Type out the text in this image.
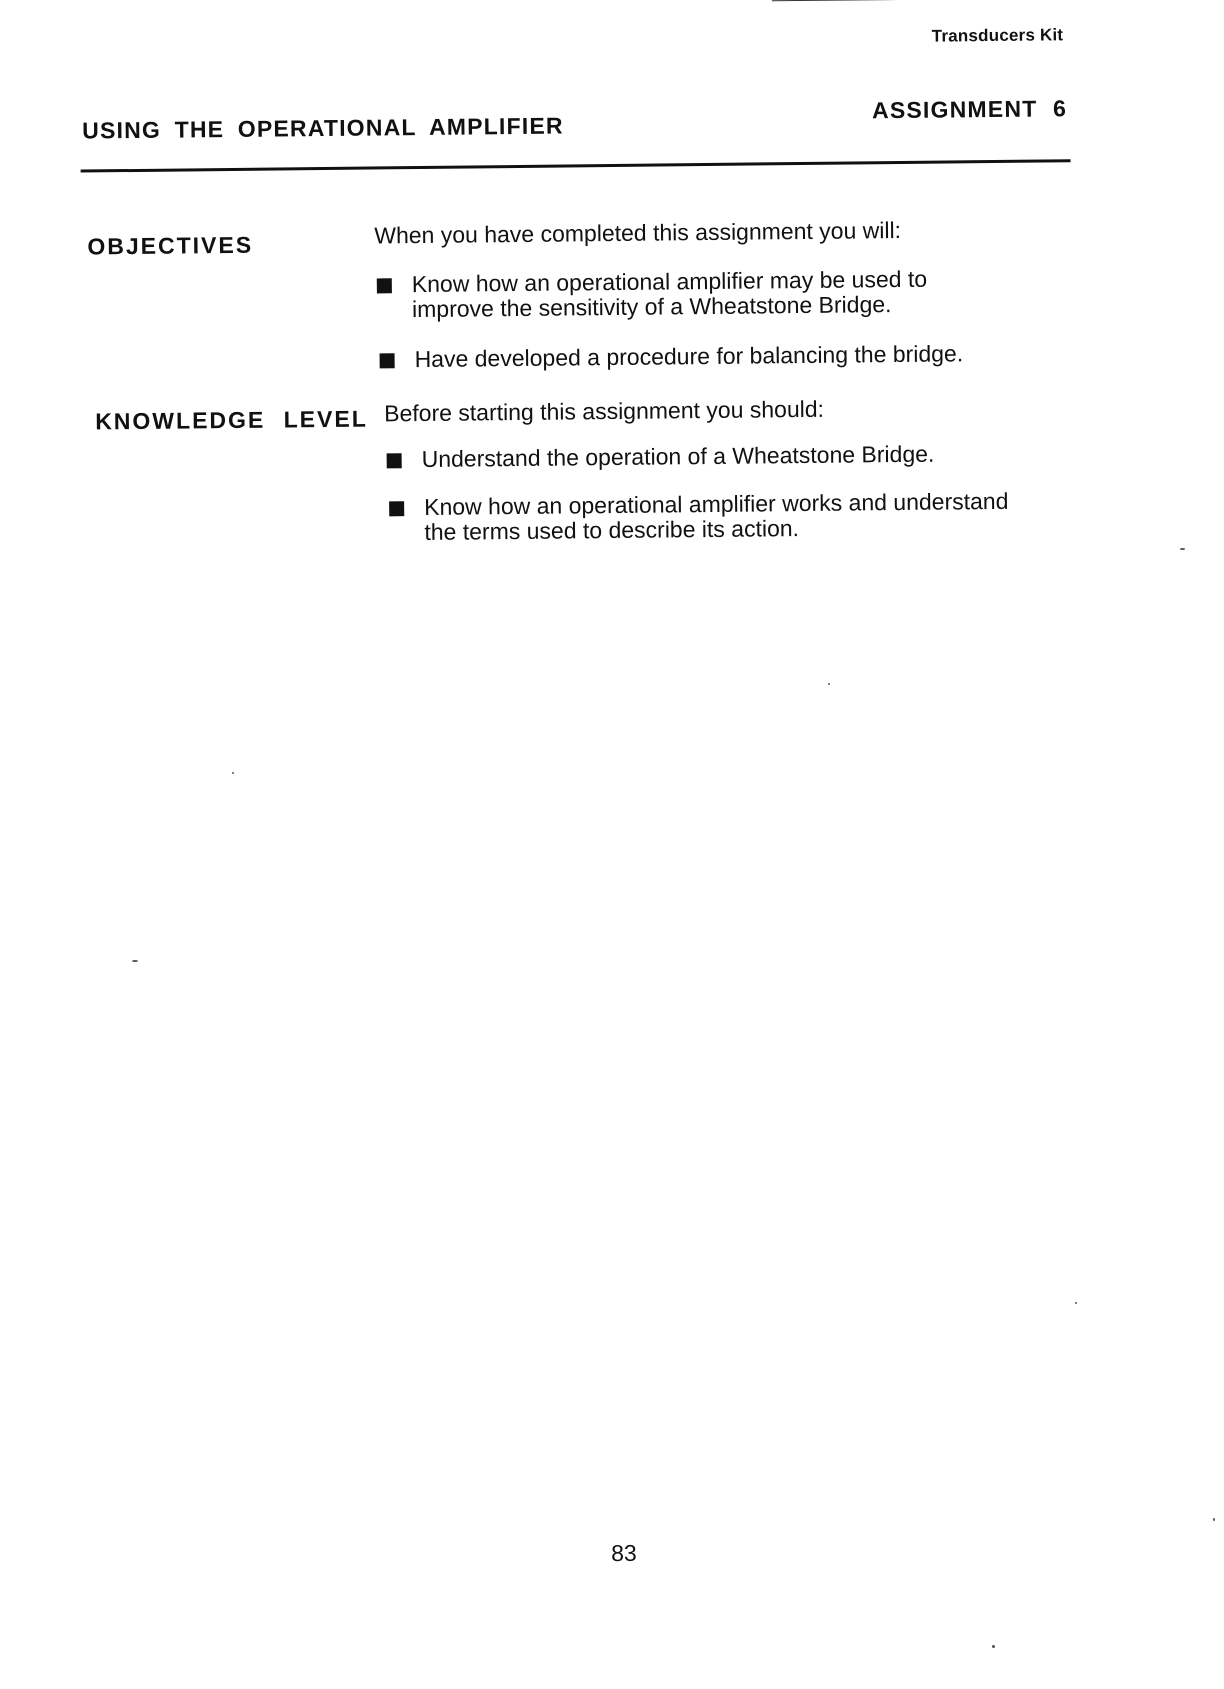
Transducers Kit
USING THE OPERATIONAL AMPLIFIER
ASSIGNMENT 6
OBJECTIVES	When you have completed this assignment you will:
Know how an operational amplifier may be used to
improve the sensitivity of a Wheatstone Bridge.
Have developed a procedure for balancing the bridge.
KNOWLEDGE LEVEL Before starting this assignment you should:
Understand the operation of a Wheatstone Bridge.
Know how an operational amplifier works and understand
the terms used to describe its action.
83
